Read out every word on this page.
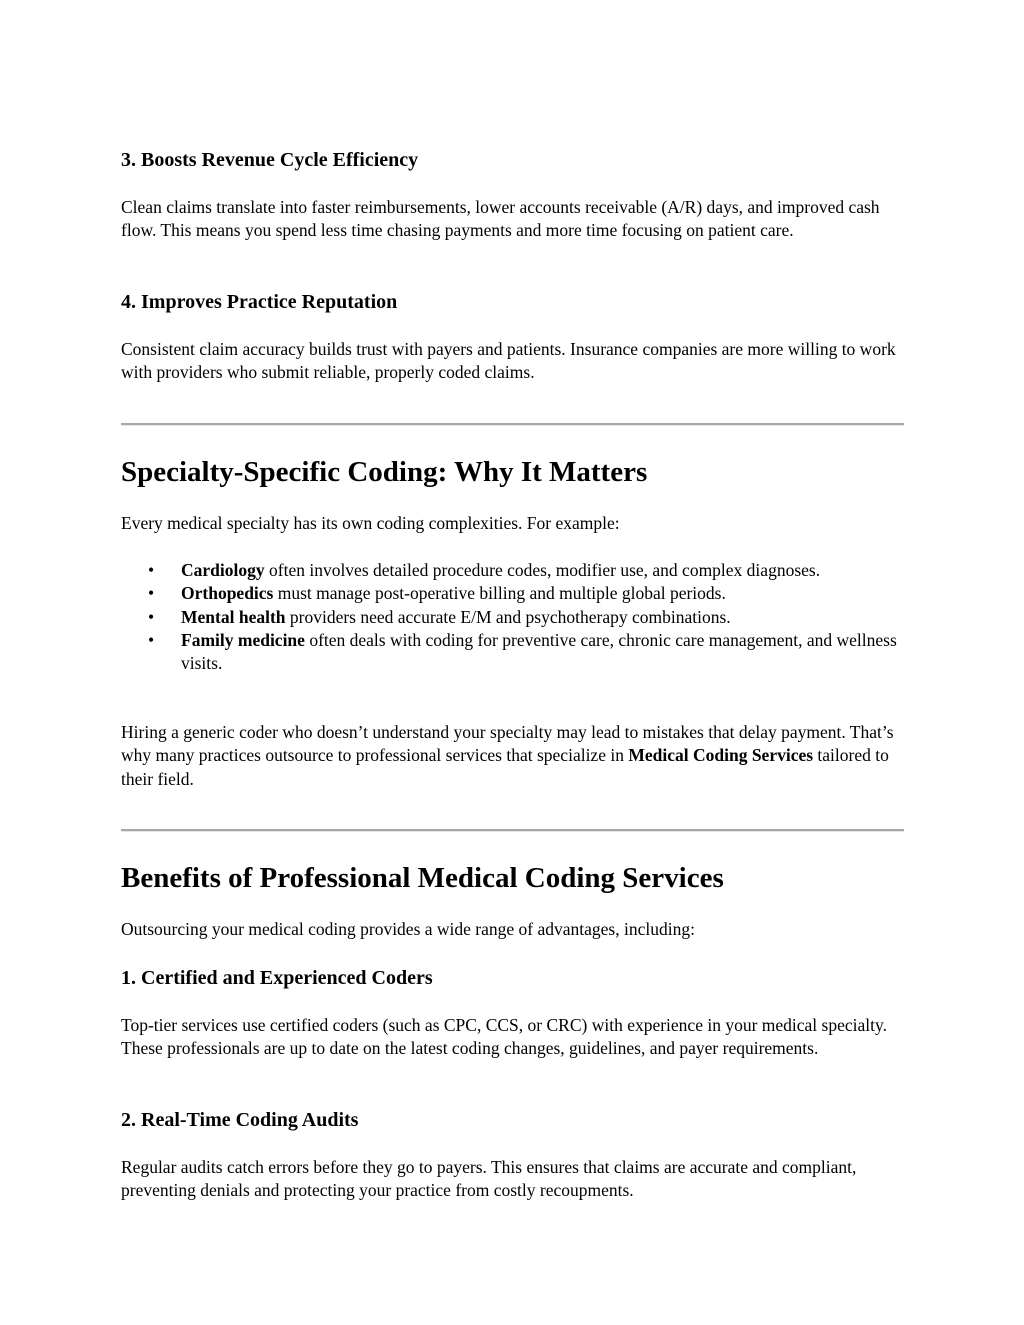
3. Boosts Revenue Cycle Efficiency

Clean claims translate into faster reimbursements, lower accounts receivable (A/R) days, and improved cash flow. This means you spend less time chasing payments and more time focusing on patient care.

4. Improves Practice Reputation

Consistent claim accuracy builds trust with payers and patients. Insurance companies are more willing to work with providers who submit reliable, properly coded claims.

Specialty-Specific Coding: Why It Matters

Every medical specialty has its own coding complexities. For example:

• Cardiology often involves detailed procedure codes, modifier use, and complex diagnoses.
• Orthopedics must manage post-operative billing and multiple global periods.
• Mental health providers need accurate E/M and psychotherapy combinations.
• Family medicine often deals with coding for preventive care, chronic care management, and wellness visits.

Hiring a generic coder who doesn’t understand your specialty may lead to mistakes that delay payment. That’s why many practices outsource to professional services that specialize in Medical Coding Services tailored to their field.

Benefits of Professional Medical Coding Services

Outsourcing your medical coding provides a wide range of advantages, including:

1. Certified and Experienced Coders

Top-tier services use certified coders (such as CPC, CCS, or CRC) with experience in your medical specialty. These professionals are up to date on the latest coding changes, guidelines, and payer requirements.

2. Real-Time Coding Audits

Regular audits catch errors before they go to payers. This ensures that claims are accurate and compliant, preventing denials and protecting your practice from costly recoupments.
